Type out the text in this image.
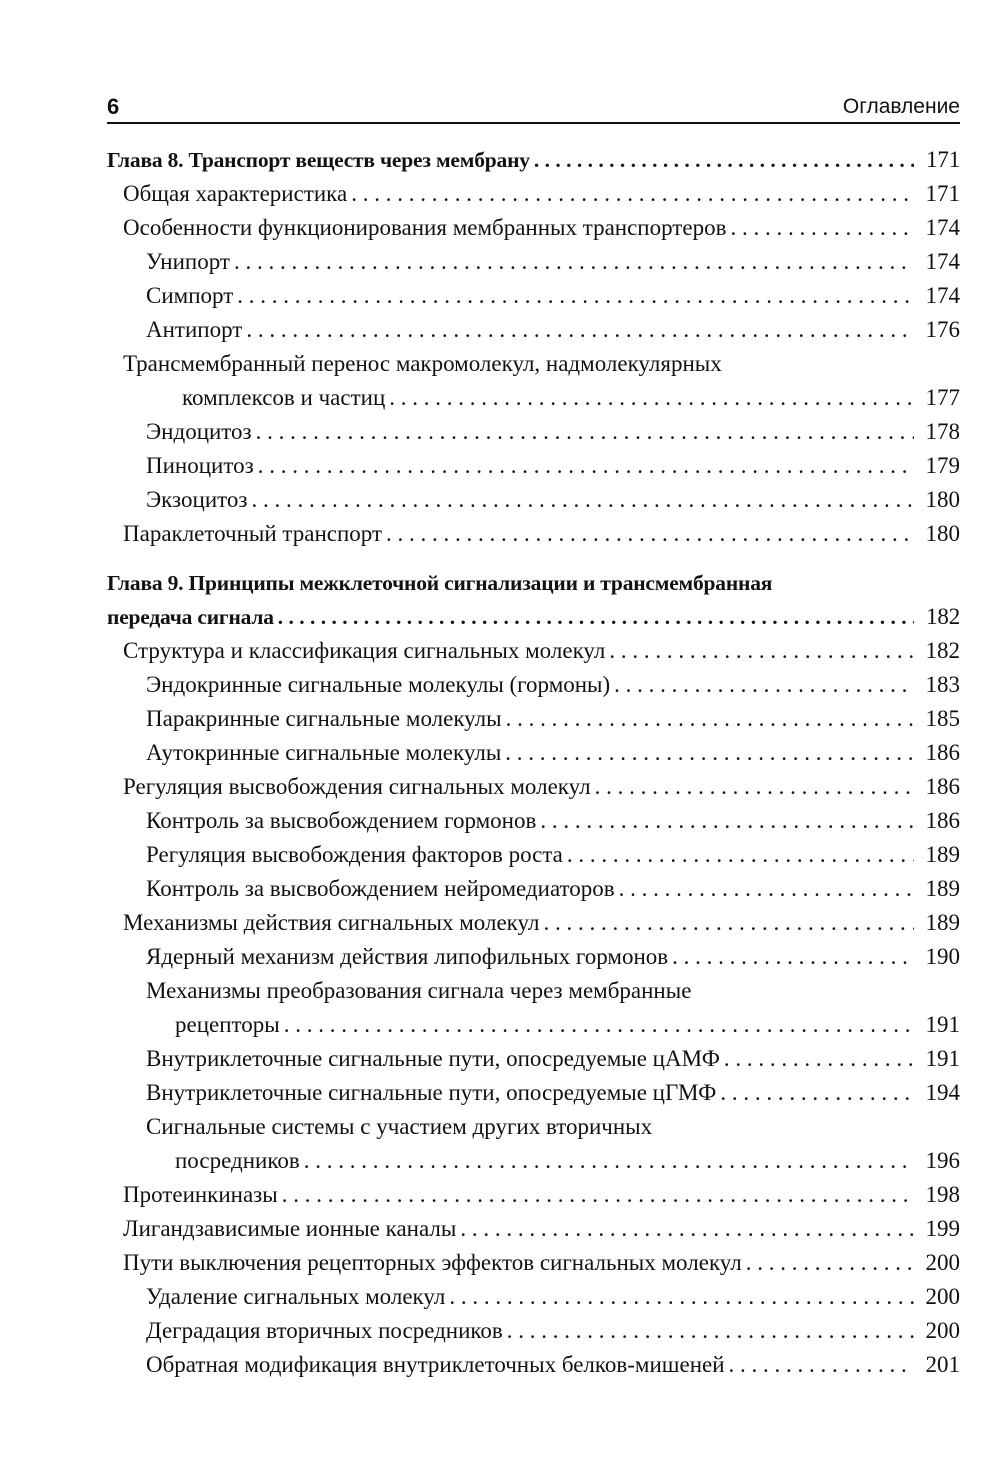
6	Оглавление
Глава 8. Транспорт веществ через мембрану . . .	171
Общая характеристика . . .	171
Особенности функционирования мембранных транспортеров . . .	174
Унипорт . . .	174
Симпорт . . .	174
Антипорт . . .	176
Трансмембранный перенос макромолекул, надмолекулярных
комплексов и частиц . . .	177
Эндоцитоз . . .	178
Пиноцитоз . . .	179
Экзоцитоз . . .	180
Параклеточный транспорт . . .	180
Глава 9. Принципы межклеточной сигнализации и трансмембранная
передача сигнала . . .	182
Структура и классификация сигнальных молекул . . .	182
Эндокринные сигнальные молекулы (гормоны) . . .	183
Паракринные сигнальные молекулы . . .	185
Аутокринные сигнальные молекулы . . .	186
Регуляция высвобождения сигнальных молекул . . .	186
Контроль за высвобождением гормонов . . .	186
Регуляция высвобождения факторов роста . . .	189
Контроль за высвобождением нейромедиаторов . . .	189
Механизмы действия сигнальных молекул . . .	189
Ядерный механизм действия липофильных гормонов . . .	190
Механизмы преобразования сигнала через мембранные
рецепторы . . .	191
Внутриклеточные сигнальные пути, опосредуемые цАМФ . . .	191
Внутриклеточные сигнальные пути, опосредуемые цГМФ . . .	194
Сигнальные системы с участием других вторичных
посредников . . .	196
Протеинкиназы . . .	198
Лигандзависимые ионные каналы . . .	199
Пути выключения рецепторных эффектов сигнальных молекул . . .	200
Удаление сигнальных молекул . . .	200
Деградация вторичных посредников . . .	200
Обратная модификация внутриклеточных белков-мишеней . . .	201
